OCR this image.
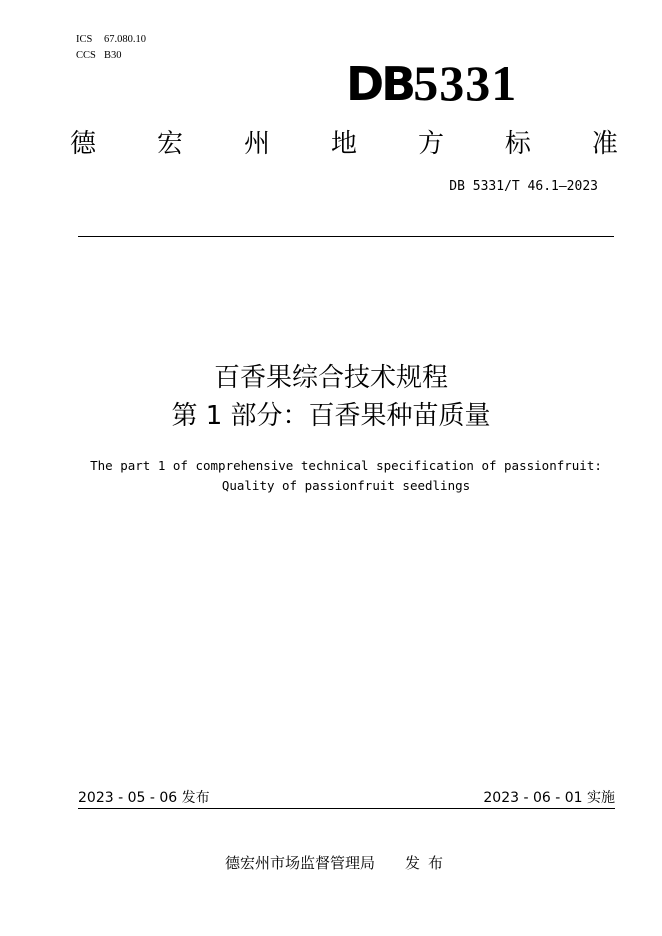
ICS 67.080.10
CCS B30
DB5331
德 宏 州 地 方 标 准
DB 5331/T 46.1—2023
百香果综合技术规程
第 1 部分：百香果种苗质量
The part 1 of comprehensive technical specification of passionfruit:
Quality of passionfruit seedlings
2023 - 05 - 06 发布	2023 - 06 - 01 实施
德宏州市场监督管理局 发布
